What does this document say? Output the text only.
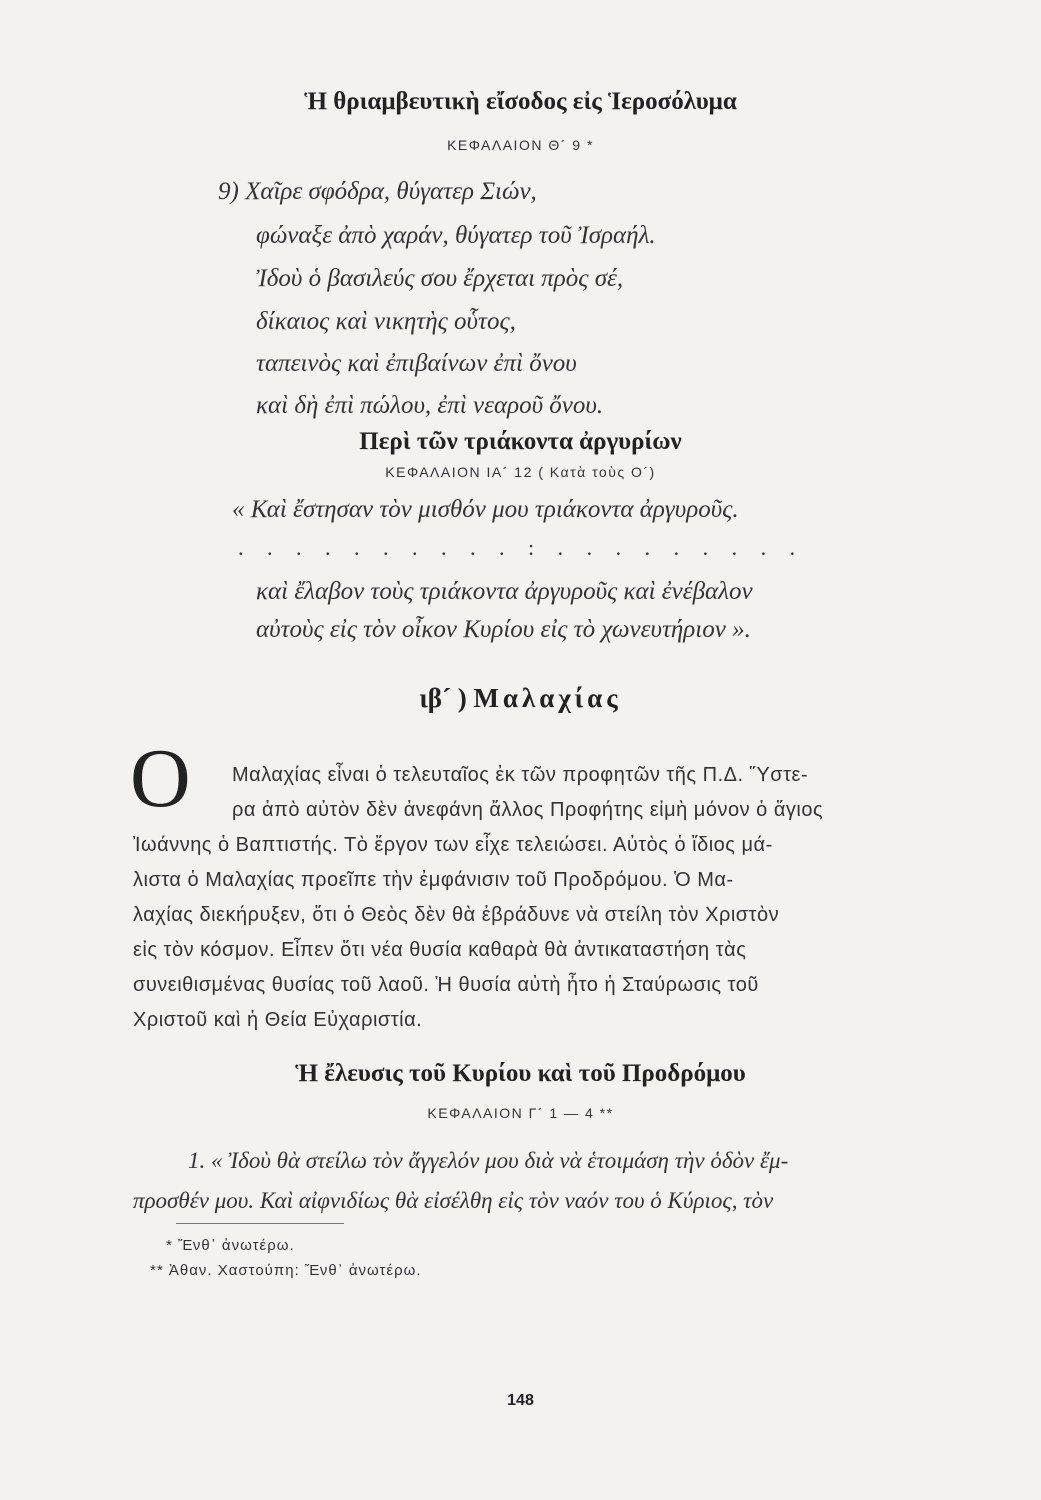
Ἡ θριαμβευτικὴ εἴσοδος εἰς Ἱεροσόλυμα
ΚΕΦΑΛΑΙΟΝ Θ´ 9 *
9) Χαῖρε σφόδρα, θύγατερ Σιών,
φώναξε ἀπὸ χαράν, θύγατερ τοῦ Ἰσραήλ.
Ἰδοὺ ὁ βασιλεύς σου ἔρχεται πρὸς σέ,
δίκαιος καὶ νικητὴς οὗτος,
ταπεινὸς καὶ ἐπιβαίνων ἐπὶ ὄνου
καὶ δὴ ἐπὶ πώλου, ἐπὶ νεαροῦ ὄνου.
Περὶ τῶν τριάκοντα ἀργυρίων
ΚΕΦΑΛΑΙΟΝ ΙΑ´ 12 ( Κατὰ τοὺς Ο´)
« Καὶ ἔστησαν τὸν μισθόν μου τριάκοντα ἀργυροῦς.
. . . . . . . . . . : . . . . . . . . .
καὶ ἔλαβον τοὺς τριάκοντα ἀργυροῦς καὶ ἐνέβαλον
αὐτοὺς εἰς τὸν οἶκον Κυρίου εἰς τὸ χωνευτήριον ».
ιβ´ ) Μαλαχίας
Ο Μαλαχίας εἶναι ὁ τελευταῖος ἐκ τῶν προφητῶν τῆς Π.Δ. Ὕστε-
ρα ἀπὸ αὐτὸν δὲν ἀνεφάνη ἄλλος Προφήτης εἰμὴ μόνον ὁ ἅγιος
Ἰωάννης ὁ Βαπτιστής. Τὸ ἔργον των εἶχε τελειώσει. Αὐτὸς ὁ ἴδιος μά-
λιστα ὁ Μαλαχίας προεῖπε τὴν ἐμφάνισιν τοῦ Προδρόμου. Ὁ Μα-
λαχίας διεκήρυξεν, ὅτι ὁ Θεὸς δὲν θὰ ἐβράδυνε νὰ στείλη τὸν Χριστὸν
εἰς τὸν κόσμον. Εἶπεν ὅτι νέα θυσία καθαρὰ θὰ ἀντικαταστήση τὰς
συνειθισμένας θυσίας τοῦ λαοῦ. Ἡ θυσία αὐτὴ ἦτο ἡ Σταύρωσις τοῦ
Χριστοῦ καὶ ἡ Θεία Εὐχαριστία.
Ἡ ἔλευσις τοῦ Κυρίου καὶ τοῦ Προδρόμου
ΚΕΦΑΛΑΙΟΝ Γ´ 1 — 4 **
1. « Ἰδοὺ θὰ στείλω τὸν ἄγγελόν μου διὰ νὰ ἑτοιμάση τὴν ὁδὸν ἔμ-
προσθέν μου. Καὶ αἰφνιδίως θὰ εἰσέλθη εἰς τὸν ναόν του ὁ Κύριος, τὸν
* Ἔνθ᾽ ἀνωτέρω.
** Ἀθαν. Χαστούπη: Ἔνθ᾽ ἀνωτέρω.
148
